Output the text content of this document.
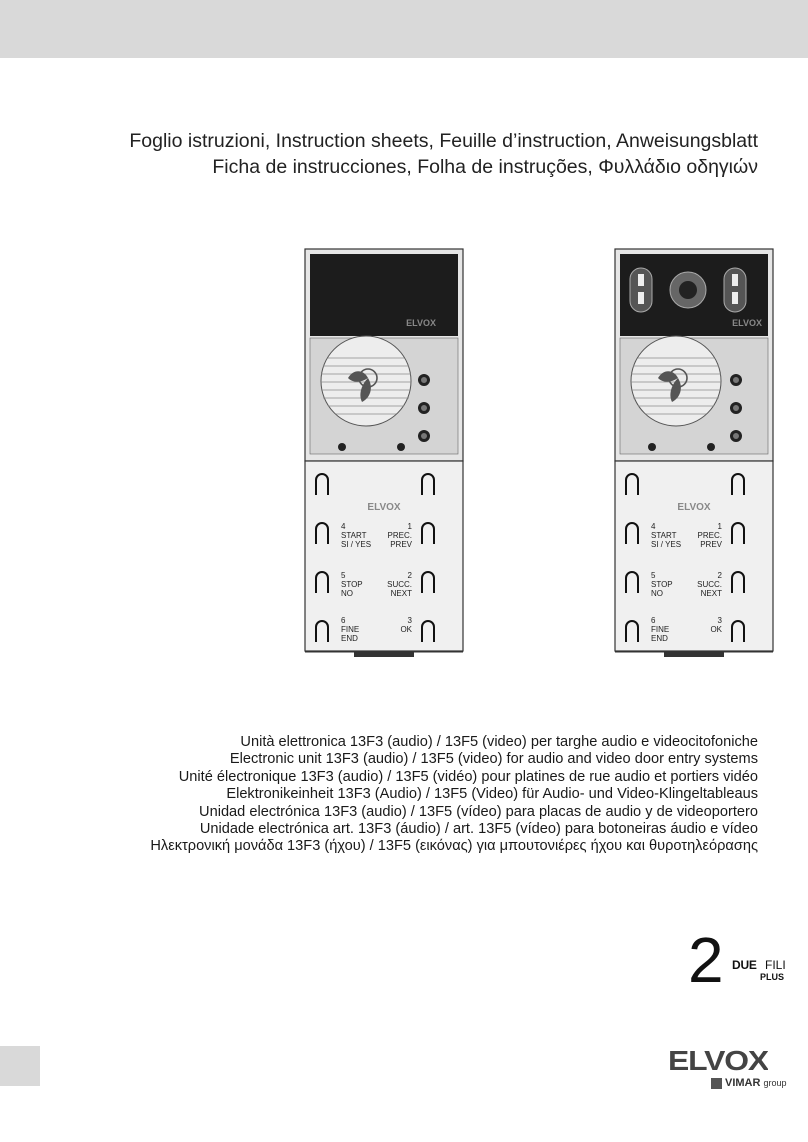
Foglio istruzioni, Instruction sheets, Feuille d’instruction, Anweisungsblatt
Ficha de instrucciones, Folha de instruções, Φυλλάδιο οδηγιών
ELVOX
ELVOX
4
START
SI / YES
1
PREC.
PREV
5
STOP
NO
2
SUCC.
NEXT
6
FINE
END
3
OK
ELVOX
ELVOX
4
START
SI / YES
1
PREC.
PREV
5
STOP
NO
2
SUCC.
NEXT
6
FINE
END
3
OK
Unità elettronica 13F3 (audio) / 13F5 (video) per targhe audio e videocitofoniche
Electronic unit 13F3 (audio) / 13F5 (video) for audio and video door entry systems
Unité électronique 13F3 (audio) / 13F5 (vidéo) pour platines de rue audio et portiers vidéo
Elektronikeinheit 13F3 (Audio) / 13F5 (Video) für Audio- und Video-Klingeltableaus
Unidad electrónica 13F3 (audio) / 13F5 (vídeo) para placas de audio y de videoportero
Unidade electrónica art. 13F3 (áudio) / art. 13F5 (vídeo) para botoneiras áudio e vídeo
Ηλεκτρονική μονάδα 13F3 (ήχου) / 13F5 (εικόνας) για μπουτονιέρες ήχου και θυροτηλεόρασης
2 DUE FILI
PLUS
ELVOX
VIMAR group
